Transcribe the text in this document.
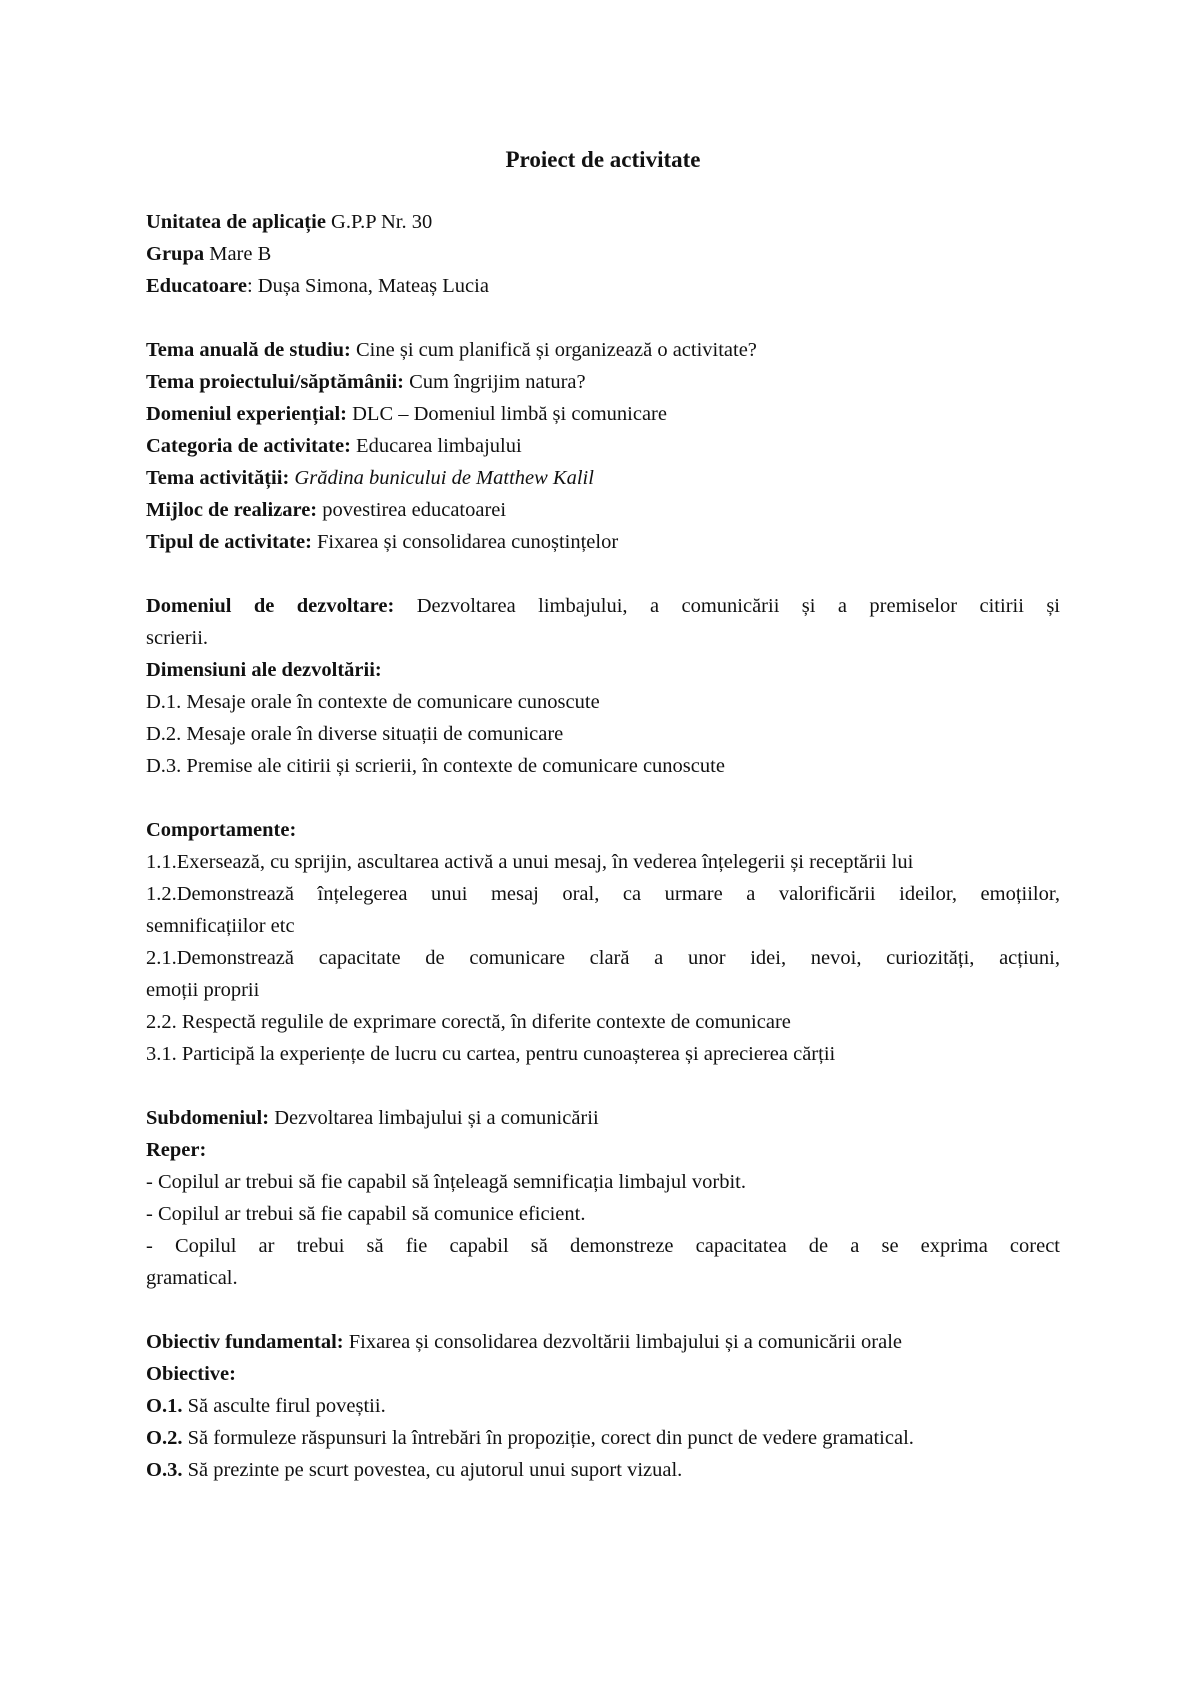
Proiect de activitate

Unitatea de aplicație G.P.P Nr. 30

Grupa Mare B

Educatoare: Dușa Simona, Mateaș Lucia

Tema anuală de studiu: Cine și cum planifică și organizează o activitate?

Tema proiectului/săptămânii: Cum îngrijim natura?

Domeniul experiențial: DLC – Domeniul limbă și comunicare

Categoria de activitate: Educarea limbajului

Tema activității: Grădina bunicului de Matthew Kalil

Mijloc de realizare: povestirea educatoarei

Tipul de activitate: Fixarea și consolidarea cunoștințelor

Domeniul de dezvoltare: Dezvoltarea limbajului, a comunicării și a premiselor citirii și

scrierii.

Dimensiuni ale dezvoltării:

D.1. Mesaje orale în contexte de comunicare cunoscute

D.2. Mesaje orale în diverse situații de comunicare

D.3. Premise ale citirii și scrierii, în contexte de comunicare cunoscute

Comportamente:

1.1.Exersează, cu sprijin, ascultarea activă a unui mesaj, în vederea înțelegerii și receptării lui

1.2.Demonstrează înțelegerea unui mesaj oral, ca urmare a valorificării ideilor, emoțiilor,

semnificațiilor etc

2.1.Demonstrează capacitate de comunicare clară a unor idei, nevoi, curiozități, acțiuni,

emoții proprii

2.2. Respectă regulile de exprimare corectă, în diferite contexte de comunicare

3.1. Participă la experiențe de lucru cu cartea, pentru cunoașterea și aprecierea cărții

Subdomeniul: Dezvoltarea limbajului și a comunicării

Reper:

- Copilul ar trebui să fie capabil să înțeleagă semnificația limbajul vorbit.

- Copilul ar trebui să fie capabil să comunice eficient.

- Copilul ar trebui să fie capabil să demonstreze capacitatea de a se exprima corect

gramatical.

Obiectiv fundamental: Fixarea și consolidarea dezvoltării limbajului și a comunicării orale

Obiective:

O.1. Să asculte firul poveștii.

O.2. Să formuleze răspunsuri la întrebări în propoziție, corect din punct de vedere gramatical.

O.3. Să prezinte pe scurt povestea, cu ajutorul unui suport vizual.
